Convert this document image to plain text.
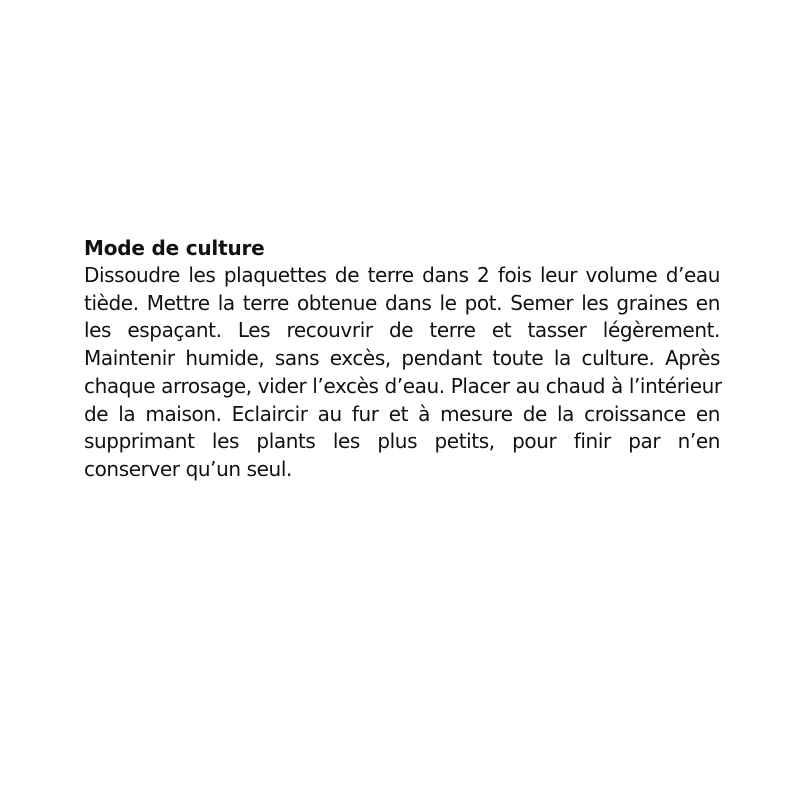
Mode de culture

Dissoudre les plaquettes de terre dans 2 fois leur volume d’eau
tiède. Mettre la terre obtenue dans le pot. Semer les graines en
les espaçant. Les recouvrir de terre et tasser légèrement.
Maintenir humide, sans excès, pendant toute la culture. Après
chaque arrosage, vider l’excès d’eau. Placer au chaud à l’intérieur
de la maison. Eclaircir au fur et à mesure de la croissance en
supprimant les plants les plus petits, pour finir par n’en
conserver qu’un seul.
